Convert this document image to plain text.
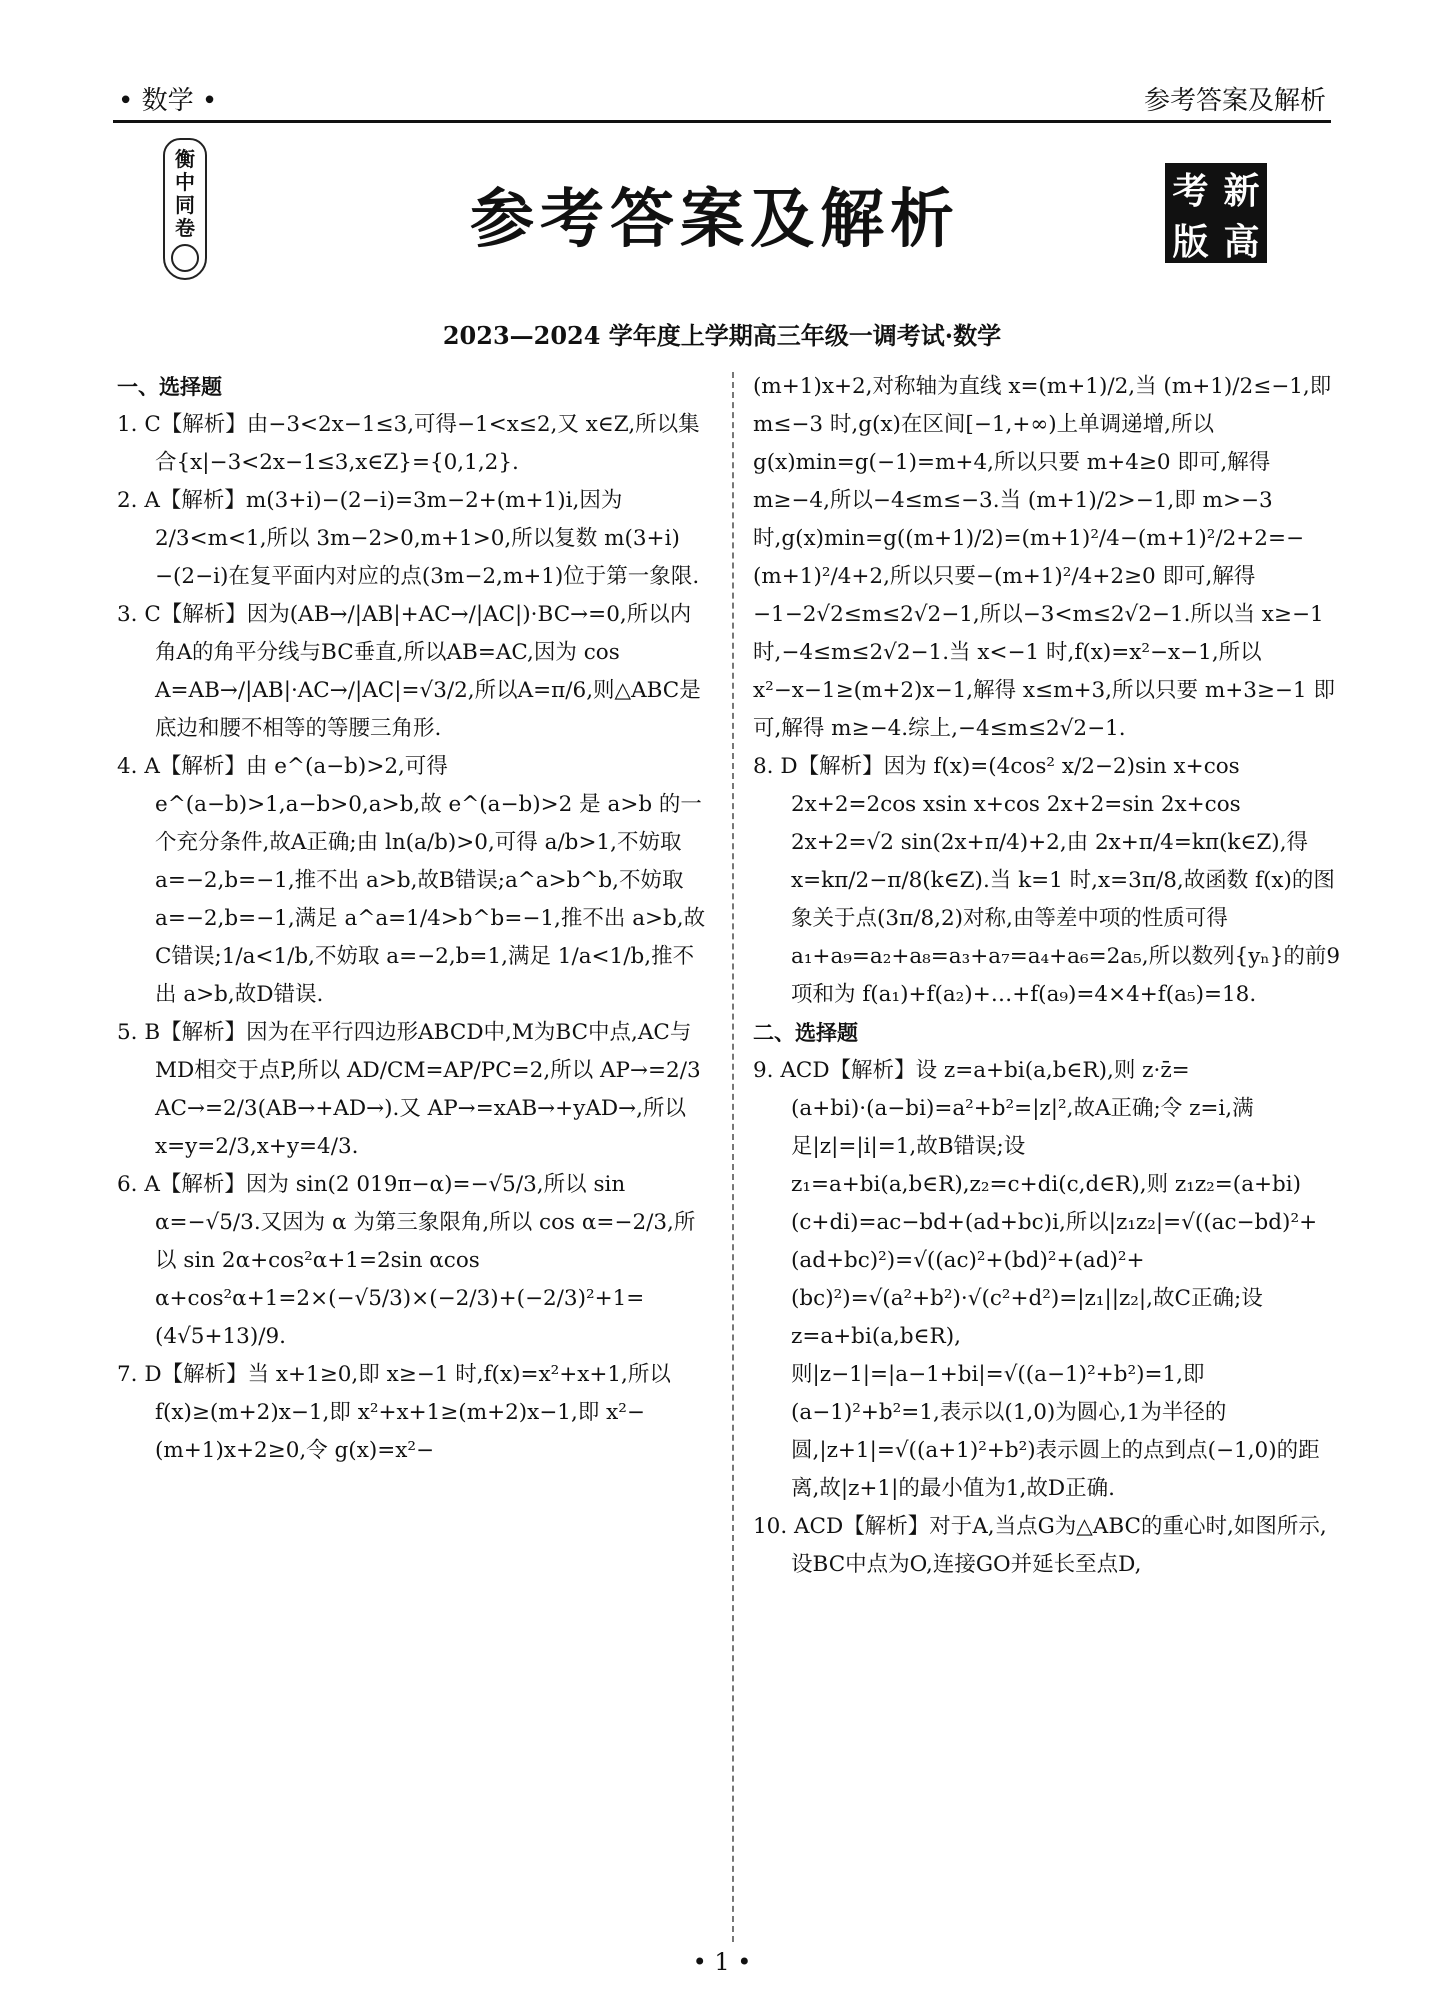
• 数学 •	参考答案及解析
衡
中
同
卷	参考答案及解析	考 新
版 高
2023—2024 学年度上学期高三年级一调考试·数学
一、选择题

1. C【解析】由−3<2x−1≤3,可得−1<x≤2,又 x∈Z,所以集合{x|−3<2x−1≤3,x∈Z}={0,1,2}.

2. A【解析】m(3+i)−(2−i)=3m−2+(m+1)i,因为 2/3<m<1,所以 3m−2>0,m+1>0,所以复数 m(3+i)−(2−i)在复平面内对应的点(3m−2,m+1)位于第一象限.

3. C【解析】因为(AB→/|AB|+AC→/|AC|)·BC→=0,所以内角A的角平分线与BC垂直,所以AB=AC,因为 cos A=AB→/|AB|·AC→/|AC|=√3/2,所以A=π/6,则△ABC是底边和腰不相等的等腰三角形.

4. A【解析】由 e^(a−b)>2,可得 e^(a−b)>1,a−b>0,a>b,故 e^(a−b)>2 是 a>b 的一个充分条件,故A正确;由 ln(a/b)>0,可得 a/b>1,不妨取 a=−2,b=−1,推不出 a>b,故B错误;a^a>b^b,不妨取 a=−2,b=−1,满足 a^a=1/4>b^b=−1,推不出 a>b,故C错误;1/a<1/b,不妨取 a=−2,b=1,满足 1/a<1/b,推不出 a>b,故D错误.

5. B【解析】因为在平行四边形ABCD中,M为BC中点,AC与MD相交于点P,所以 AD/CM=AP/PC=2,所以 AP→=2/3 AC→=2/3(AB→+AD→).又 AP→=xAB→+yAD→,所以 x=y=2/3,x+y=4/3.

6. A【解析】因为 sin(2 019π−α)=−√5/3,所以 sin α=−√5/3.又因为 α 为第三象限角,所以 cos α=−2/3,所以 sin 2α+cos²α+1=2sin αcos α+cos²α+1=2×(−√5/3)×(−2/3)+(−2/3)²+1=(4√5+13)/9.

7. D【解析】当 x+1≥0,即 x≥−1 时,f(x)=x²+x+1,所以 f(x)≥(m+2)x−1,即 x²+x+1≥(m+2)x−1,即 x²−(m+1)x+2≥0,令 g(x)=x²−

(m+1)x+2,对称轴为直线 x=(m+1)/2,当 (m+1)/2≤−1,即 m≤−3 时,g(x)在区间[−1,+∞)上单调递增,所以 g(x)min=g(−1)=m+4,所以只要 m+4≥0 即可,解得 m≥−4,所以−4≤m≤−3.当 (m+1)/2>−1,即 m>−3 时,g(x)min=g((m+1)/2)=(m+1)²/4−(m+1)²/2+2=−(m+1)²/4+2,所以只要−(m+1)²/4+2≥0 即可,解得−1−2√2≤m≤2√2−1,所以−3<m≤2√2−1.所以当 x≥−1 时,−4≤m≤2√2−1.当 x<−1 时,f(x)=x²−x−1,所以 x²−x−1≥(m+2)x−1,解得 x≤m+3,所以只要 m+3≥−1 即可,解得 m≥−4.综上,−4≤m≤2√2−1.

8. D【解析】因为 f(x)=(4cos² x/2−2)sin x+cos 2x+2=2cos xsin x+cos 2x+2=sin 2x+cos 2x+2=√2 sin(2x+π/4)+2,由 2x+π/4=kπ(k∈Z),得 x=kπ/2−π/8(k∈Z).当 k=1 时,x=3π/8,故函数 f(x)的图象关于点(3π/8,2)对称,由等差中项的性质可得 a₁+a₉=a₂+a₈=a₃+a₇=a₄+a₆=2a₅,所以数列{yₙ}的前9项和为 f(a₁)+f(a₂)+…+f(a₉)=4×4+f(a₅)=18.

二、选择题

9. ACD【解析】设 z=a+bi(a,b∈R),则 z·z̄=(a+bi)·(a−bi)=a²+b²=|z|²,故A正确;令 z=i,满足|z|=|i|=1,故B错误;设 z₁=a+bi(a,b∈R),z₂=c+di(c,d∈R),则 z₁z₂=(a+bi)(c+di)=ac−bd+(ad+bc)i,所以|z₁z₂|=√((ac−bd)²+(ad+bc)²)=√((ac)²+(bd)²+(ad)²+(bc)²)=√(a²+b²)·√(c²+d²)=|z₁||z₂|,故C正确;设 z=a+bi(a,b∈R),则|z−1|=|a−1+bi|=√((a−1)²+b²)=1,即(a−1)²+b²=1,表示以(1,0)为圆心,1为半径的圆,|z+1|=√((a+1)²+b²)表示圆上的点到点(−1,0)的距离,故|z+1|的最小值为1,故D正确.

10. ACD【解析】对于A,当点G为△ABC的重心时,如图所示,设BC中点为O,连接GO并延长至点D,

• 1 •
